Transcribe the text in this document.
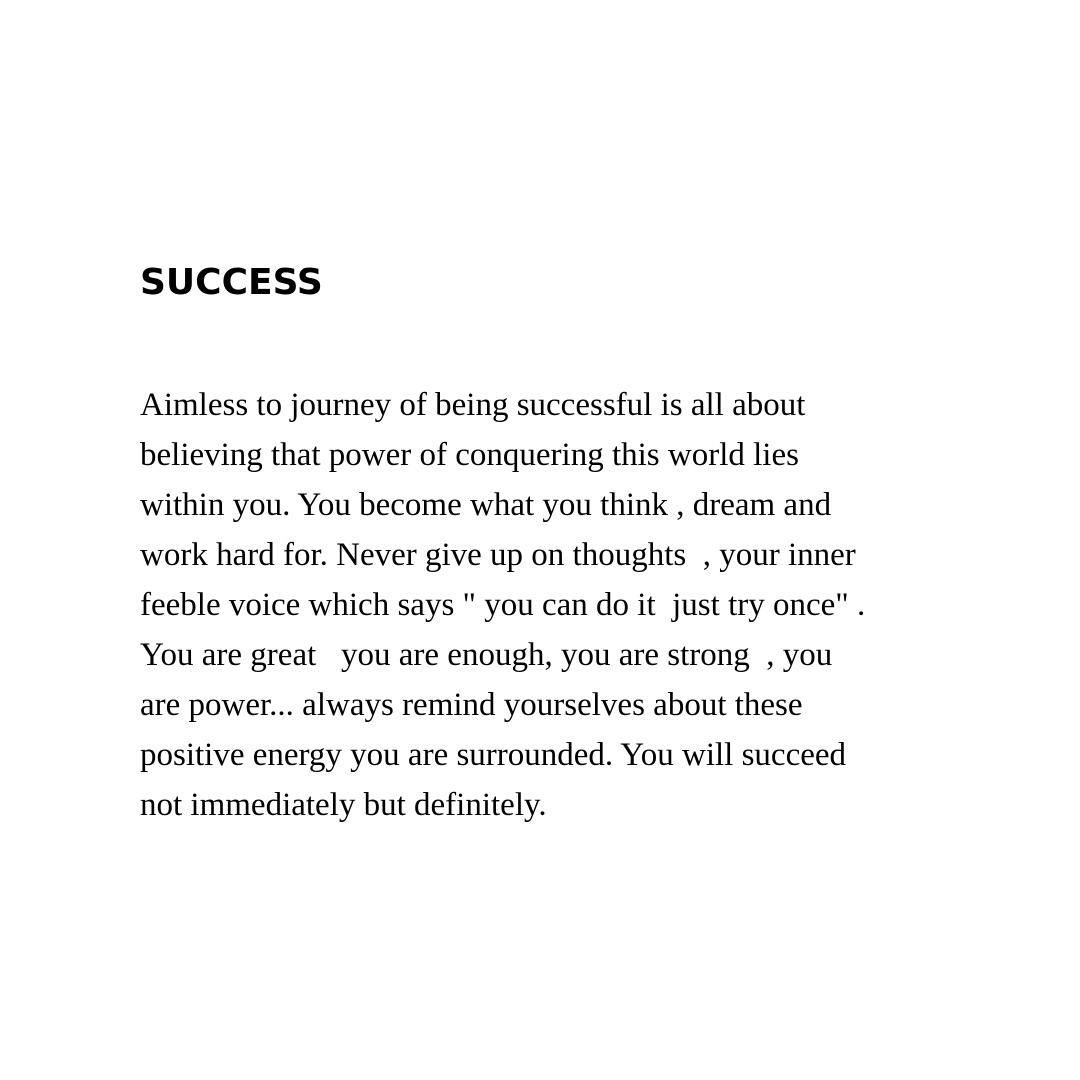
SUCCESS
Aimless to journey of being successful is all about
believing that power of conquering this world lies
within you. You become what you think , dream and
work hard for. Never give up on thoughts  , your inner
feeble voice which says " you can do it  just try once" .
You are great   you are enough, you are strong  , you
are power... always remind yourselves about these
positive energy you are surrounded. You will succeed
not immediately but definitely.
